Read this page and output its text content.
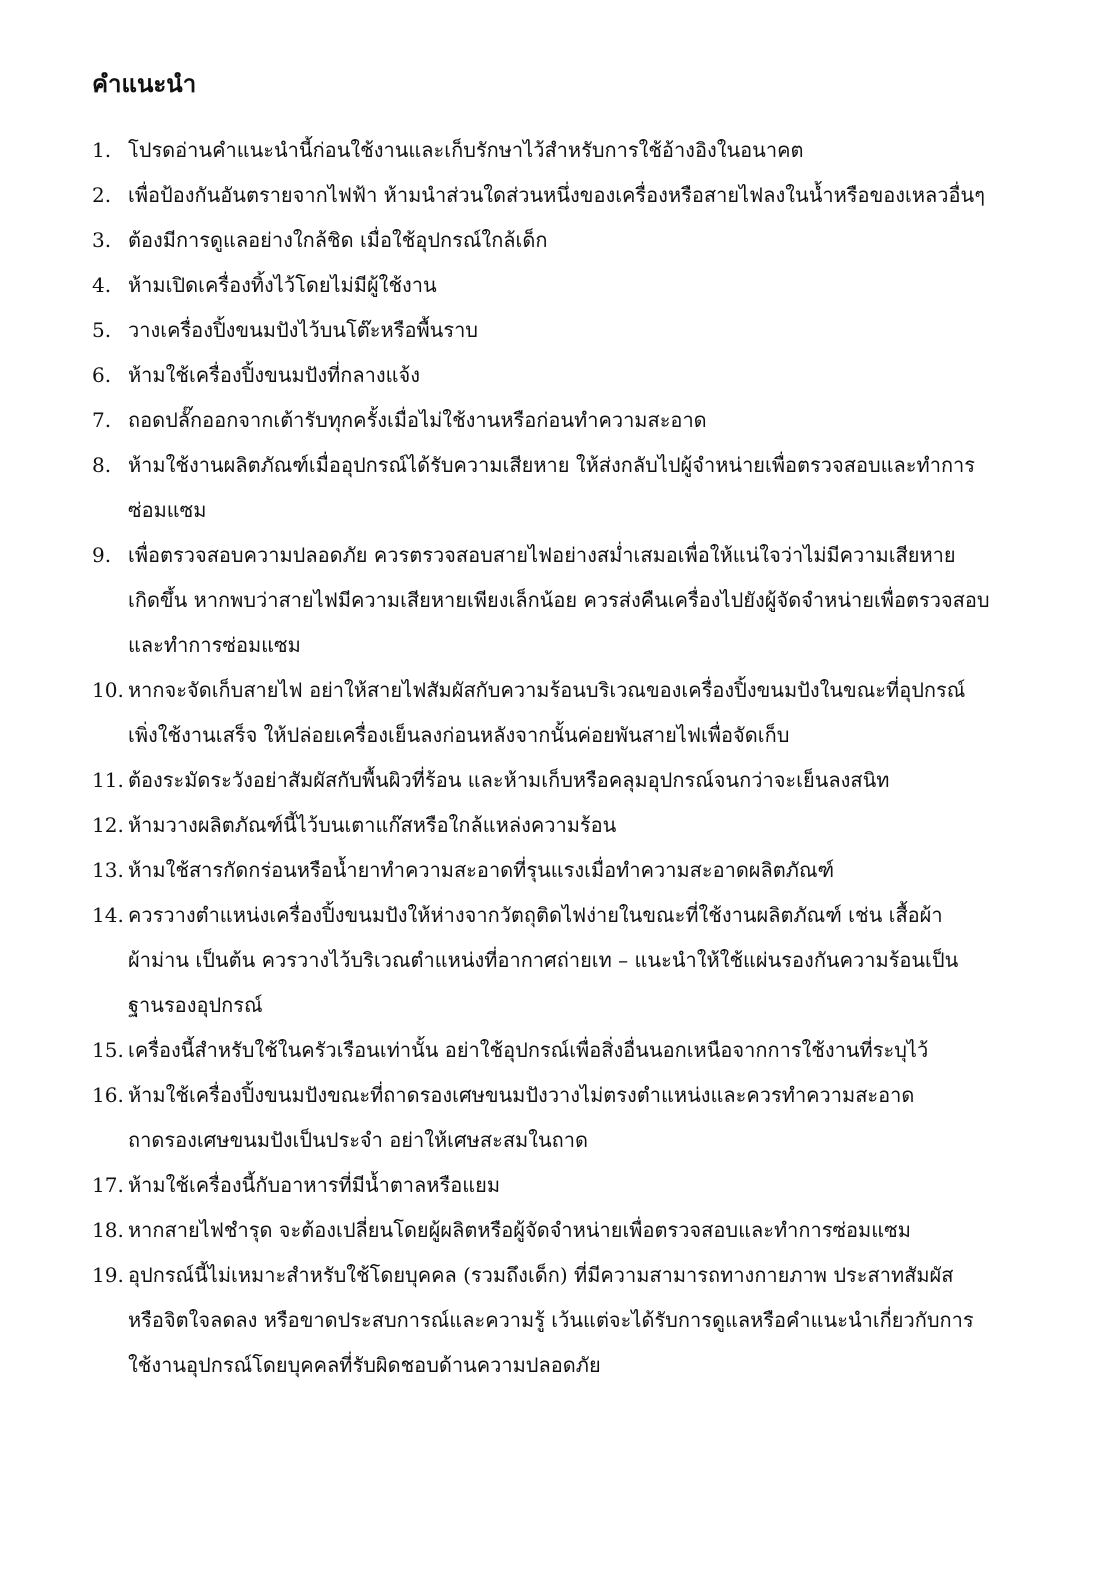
คำแนะนำ
1. โปรดอ่านคำแนะนำนี้ก่อนใช้งานและเก็บรักษาไว้สำหรับการใช้อ้างอิงในอนาคต
2. เพื่อป้องกันอันตรายจากไฟฟ้า ห้ามนำส่วนใดส่วนหนึ่งของเครื่องหรือสายไฟลงในน้ำหรือของเหลวอื่นๆ
3. ต้องมีการดูแลอย่างใกล้ชิด เมื่อใช้อุปกรณ์ใกล้เด็ก
4. ห้ามเปิดเครื่องทิ้งไว้โดยไม่มีผู้ใช้งาน
5. วางเครื่องปิ้งขนมปังไว้บนโต๊ะหรือพื้นราบ
6. ห้ามใช้เครื่องปิ้งขนมปังที่กลางแจ้ง
7. ถอดปลั๊กออกจากเต้ารับทุกครั้งเมื่อไม่ใช้งานหรือก่อนทำความสะอาด
8. ห้ามใช้งานผลิตภัณฑ์เมื่ออุปกรณ์ได้รับความเสียหาย ให้ส่งกลับไปผู้จำหน่ายเพื่อตรวจสอบและทำการ
ซ่อมแซม
9. เพื่อตรวจสอบความปลอดภัย ควรตรวจสอบสายไฟอย่างสม่ำเสมอเพื่อให้แน่ใจว่าไม่มีความเสียหาย
เกิดขึ้น หากพบว่าสายไฟมีความเสียหายเพียงเล็กน้อย ควรส่งคืนเครื่องไปยังผู้จัดจำหน่ายเพื่อตรวจสอบ
และทำการซ่อมแซม
10. หากจะจัดเก็บสายไฟ อย่าให้สายไฟสัมผัสกับความร้อนบริเวณของเครื่องปิ้งขนมปังในขณะที่อุปกรณ์
เพิ่งใช้งานเสร็จ ให้ปล่อยเครื่องเย็นลงก่อนหลังจากนั้นค่อยพันสายไฟเพื่อจัดเก็บ
11. ต้องระมัดระวังอย่าสัมผัสกับพื้นผิวที่ร้อน และห้ามเก็บหรือคลุมอุปกรณ์จนกว่าจะเย็นลงสนิท
12. ห้ามวางผลิตภัณฑ์นี้ไว้บนเตาแก๊สหรือใกล้แหล่งความร้อน
13. ห้ามใช้สารกัดกร่อนหรือน้ำยาทำความสะอาดที่รุนแรงเมื่อทำความสะอาดผลิตภัณฑ์
14. ควรวางตำแหน่งเครื่องปิ้งขนมปังให้ห่างจากวัตถุติดไฟง่ายในขณะที่ใช้งานผลิตภัณฑ์ เช่น เสื้อผ้า
ผ้าม่าน เป็นต้น ควรวางไว้บริเวณตำแหน่งที่อากาศถ่ายเท – แนะนำให้ใช้แผ่นรองกันความร้อนเป็น
ฐานรองอุปกรณ์
15. เครื่องนี้สำหรับใช้ในครัวเรือนเท่านั้น อย่าใช้อุปกรณ์เพื่อสิ่งอื่นนอกเหนือจากการใช้งานที่ระบุไว้
16. ห้ามใช้เครื่องปิ้งขนมปังขณะที่ถาดรองเศษขนมปังวางไม่ตรงตำแหน่งและควรทำความสะอาด
ถาดรองเศษขนมปังเป็นประจำ อย่าให้เศษสะสมในถาด
17. ห้ามใช้เครื่องนี้กับอาหารที่มีน้ำตาลหรือแยม
18. หากสายไฟชำรุด จะต้องเปลี่ยนโดยผู้ผลิตหรือผู้จัดจำหน่ายเพื่อตรวจสอบและทำการซ่อมแซม
19. อุปกรณ์นี้ไม่เหมาะสำหรับใช้โดยบุคคล (รวมถึงเด็ก) ที่มีความสามารถทางกายภาพ ประสาทสัมผัส
หรือจิตใจลดลง หรือขาดประสบการณ์และความรู้ เว้นแต่จะได้รับการดูแลหรือคำแนะนำเกี่ยวกับการ
ใช้งานอุปกรณ์โดยบุคคลที่รับผิดชอบด้านความปลอดภัย
